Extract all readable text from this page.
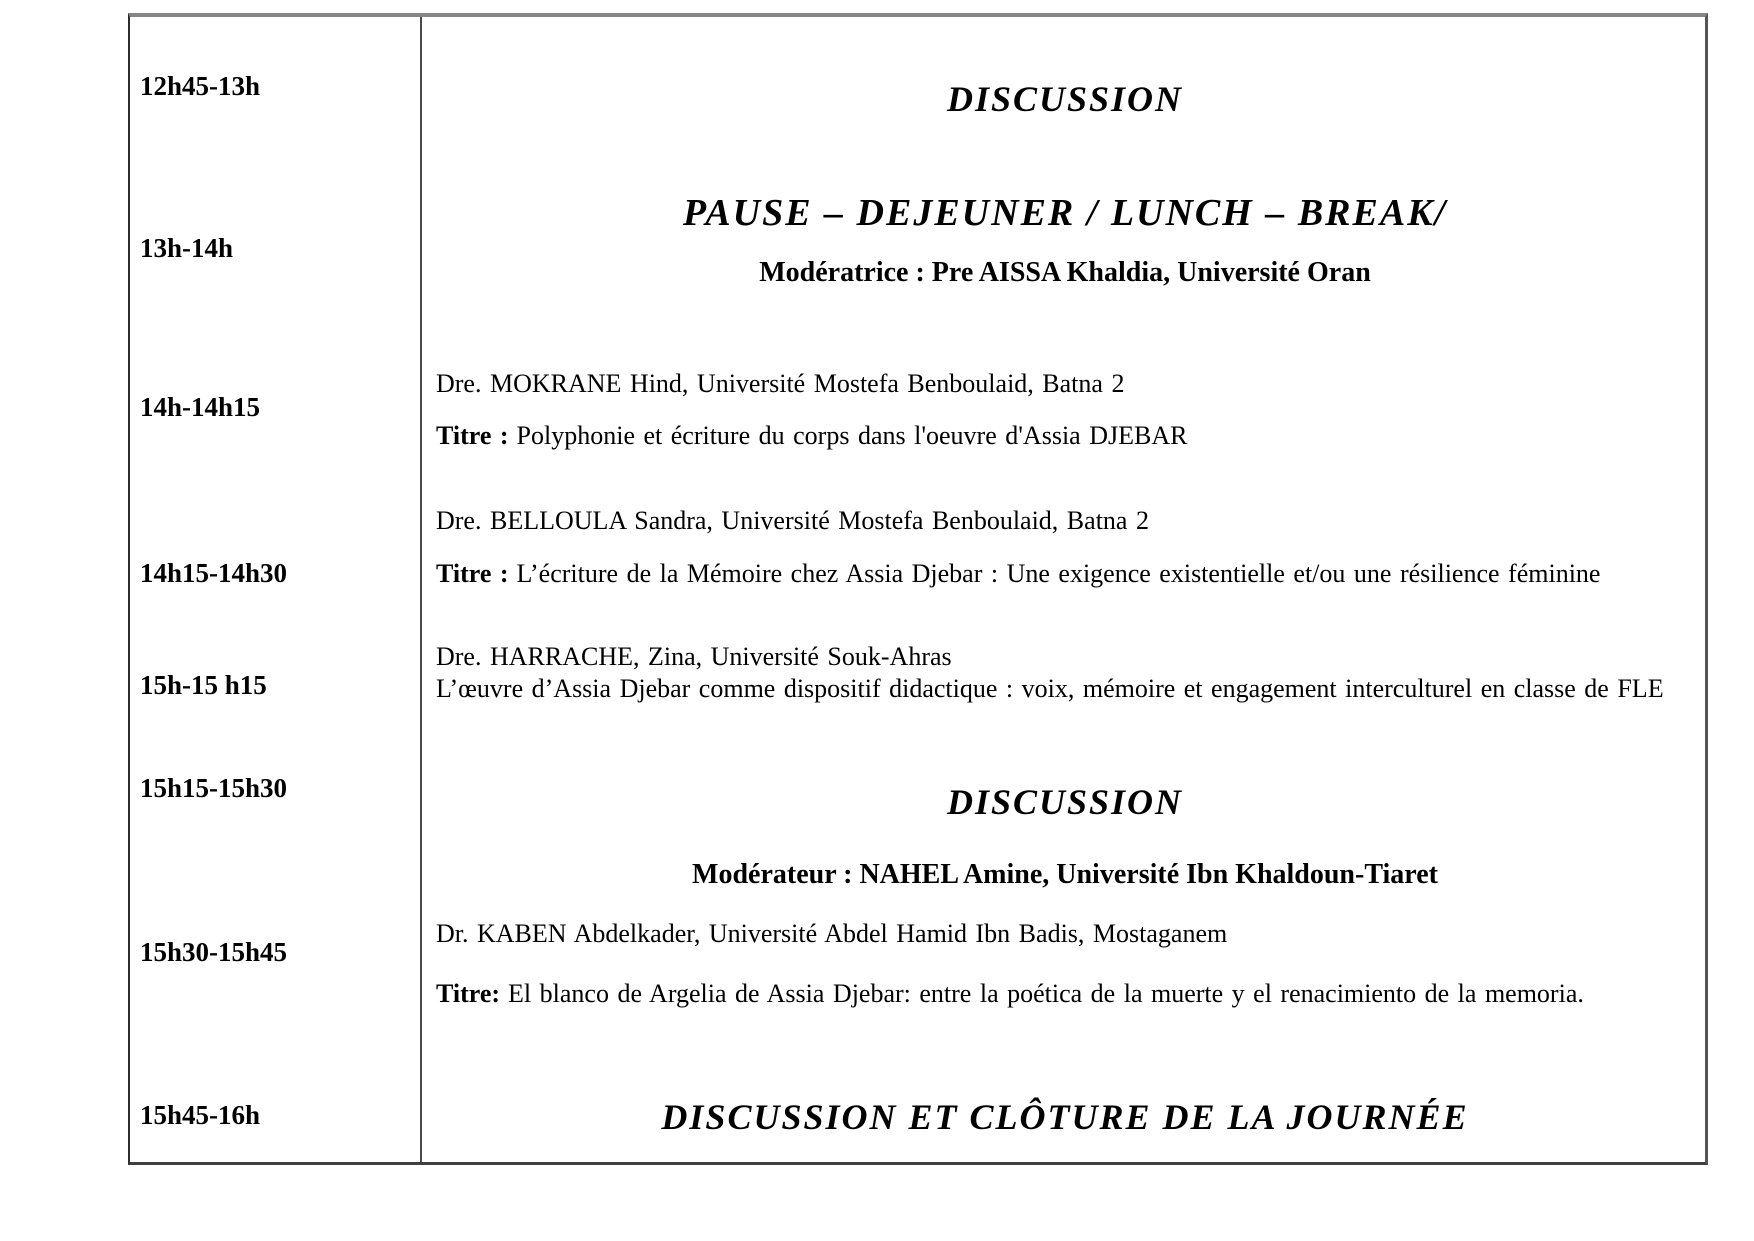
12h45-13h
13h-14h
14h-14h15
14h15-14h30
15h-15 h15
15h15-15h30
15h30-15h45
15h45-16h
DISCUSSION
PAUSE – DEJEUNER / LUNCH – BREAK/
Modératrice : Pre AISSA Khaldia, Université Oran
Dre. MOKRANE Hind, Université Mostefa Benboulaid, Batna 2
Titre : Polyphonie et écriture du corps dans l'oeuvre d'Assia DJEBAR
Dre. BELLOULA Sandra, Université Mostefa Benboulaid, Batna 2
Titre : L’écriture de la Mémoire chez Assia Djebar : Une exigence existentielle et/ou une résilience féminine
Dre. HARRACHE, Zina, Université Souk-Ahras
L’œuvre d’Assia Djebar comme dispositif didactique : voix, mémoire et engagement interculturel en classe de FLE
DISCUSSION
Modérateur : NAHEL Amine, Université Ibn Khaldoun-Tiaret
Dr. KABEN Abdelkader, Université Abdel Hamid Ibn Badis, Mostaganem
Titre: El blanco de Argelia de Assia Djebar: entre la poética de la muerte y el renacimiento de la memoria.
DISCUSSION ET CLÔTURE DE LA JOURNÉE
